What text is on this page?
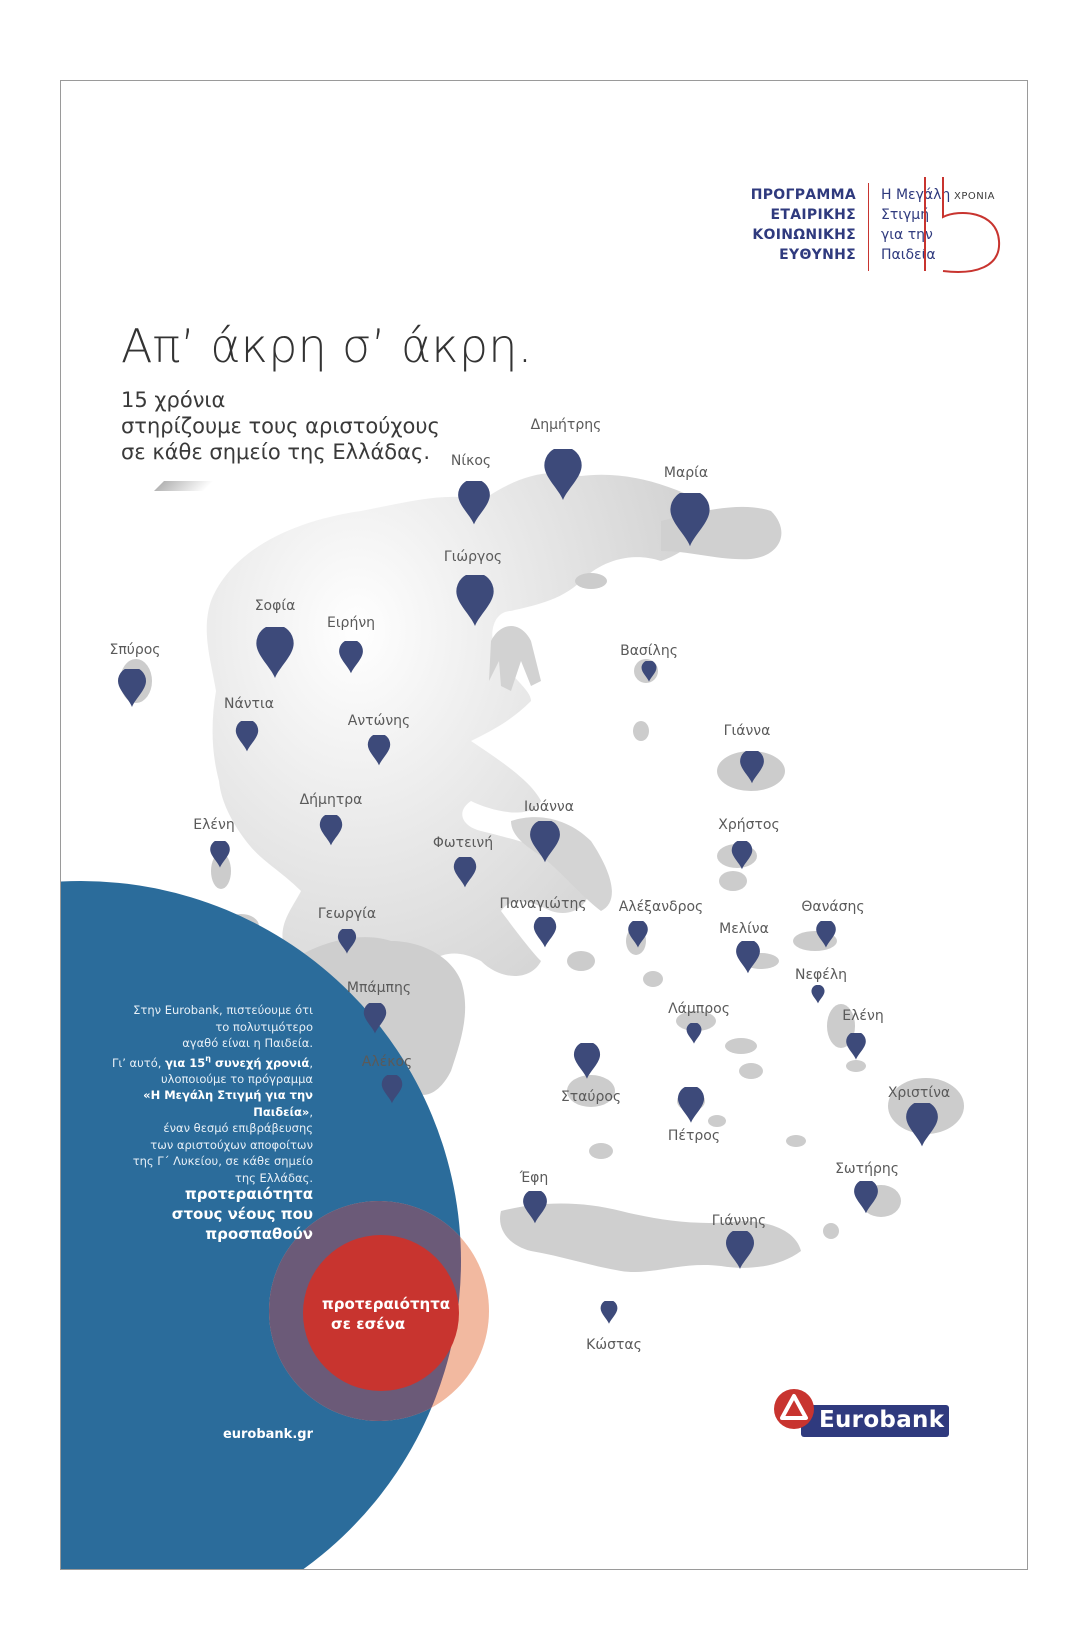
ΠΡΟΓΡΑΜΜΑ
ΕΤΑΙΡΙΚΗΣ
ΚΟΙΝΩΝΙΚΗΣ
ΕΥΘΥΝΗΣ
Η Μεγάλη
Στιγμή
για την
Παιδεία
ΧΡΟΝΙΑ
Απ’ άκρη σ’ άκρη.
15 χρόνια
στηρίζουμε τους αριστούχους
σε κάθε σημείο της Ελλάδας.
Δημήτρης
Νίκος
Μαρία
Γιώργος
Σοφία
Ειρήνη
Σπύρος	Βασίλης
Νάντια
Αντώνης
Γιάννα
Δήμητρα	Ιωάννα
Ελένη	Χρήστος
Φωτεινή
Γεωργία
Παναγιώτης Αλέξανδρος	Θανάσης
Μελίνα
Νεφέλη
Μπάμπης
Λάμπρος	Ελένη
Αλέκος
Σταύρος	Χριστίνα
Πέτρος
Σωτήρης
Έφη
Γιάννης
Κώστας
Στην Eurobank, πιστεύουμε ότι
το πολυτιμότερο
αγαθό είναι η Παιδεία.
Γι’ αυτό, για $15^\eta$ συνεχή χρονιά,
υλοποιούμε το πρόγραμμα
«Η Μεγάλη Στιγμή για την Παιδεία»,
έναν θεσμό επιβράβευσης
των αριστούχων αποφοίτων
της Γ΄ Λυκείου, σε κάθε σημείο
της Ελλάδας.
προτεραιότητα
στους νέους που
προσπαθούν
προτεραιότητα
σε εσένα
eurobank.gr
Eurobank
